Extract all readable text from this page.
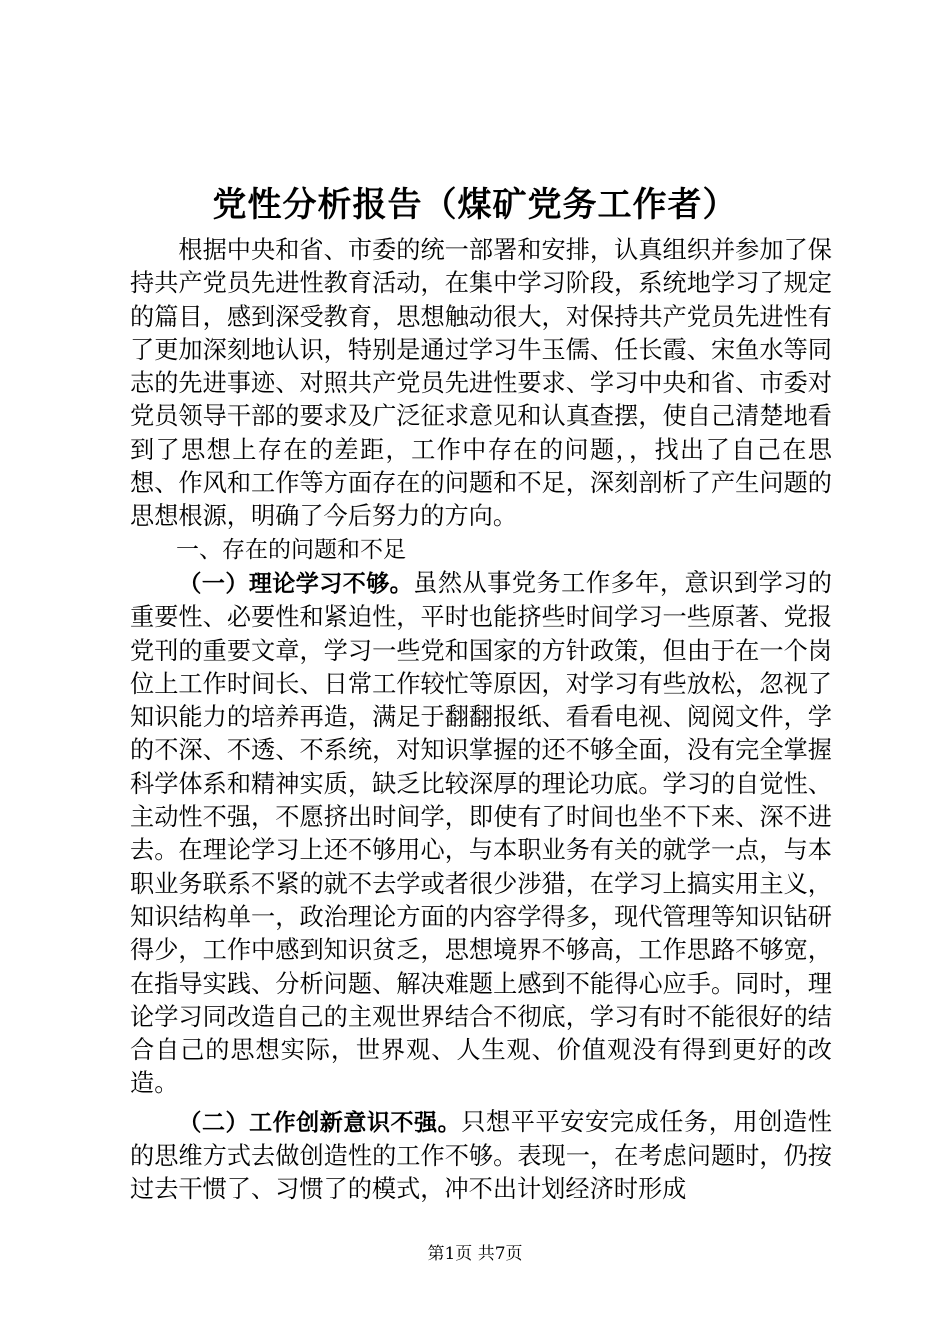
党性分析报告（煤矿党务工作者）

根据中央和省、市委的统一部署和安排，认真组织并参加了保持共产党员先进性教育活动，在集中学习阶段，系统地学习了规定的篇目，感到深受教育，思想触动很大，对保持共产党员先进性有了更加深刻地认识，特别是通过学习牛玉儒、任长霞、宋鱼水等同志的先进事迹、对照共产党员先进性要求、学习中央和省、市委对党员领导干部的要求及广泛征求意见和认真查摆，使自己清楚地看到了思想上存在的差距，工作中存在的问题，，找出了自己在思想、作风和工作等方面存在的问题和不足，深刻剖析了产生问题的思想根源，明确了今后努力的方向。

一、存在的问题和不足

（一）理论学习不够。虽然从事党务工作多年，意识到学习的重要性、必要性和紧迫性，平时也能挤些时间学习一些原著、党报党刊的重要文章，学习一些党和国家的方针政策，但由于在一个岗位上工作时间长、日常工作较忙等原因，对学习有些放松，忽视了知识能力的培养再造，满足于翻翻报纸、看看电视、阅阅文件，学的不深、不透、不系统，对知识掌握的还不够全面，没有完全掌握科学体系和精神实质，缺乏比较深厚的理论功底。学习的自觉性、主动性不强，不愿挤出时间学，即使有了时间也坐不下来、深不进去。在理论学习上还不够用心，与本职业务有关的就学一点，与本职业务联系不紧的就不去学或者很少涉猎，在学习上搞实用主义，知识结构单一，政治理论方面的内容学得多，现代管理等知识钻研得少，工作中感到知识贫乏，思想境界不够高，工作思路不够宽，在指导实践、分析问题、解决难题上感到不能得心应手。同时，理论学习同改造自己的主观世界结合不彻底，学习有时不能很好的结合自己的思想实际，世界观、人生观、价值观没有得到更好的改造。

（二）工作创新意识不强。只想平平安安完成任务，用创造性的思维方式去做创造性的工作不够。表现一，在考虑问题时，仍按过去干惯了、习惯了的模式，冲不出计划经济时形成

第1页 共7页
